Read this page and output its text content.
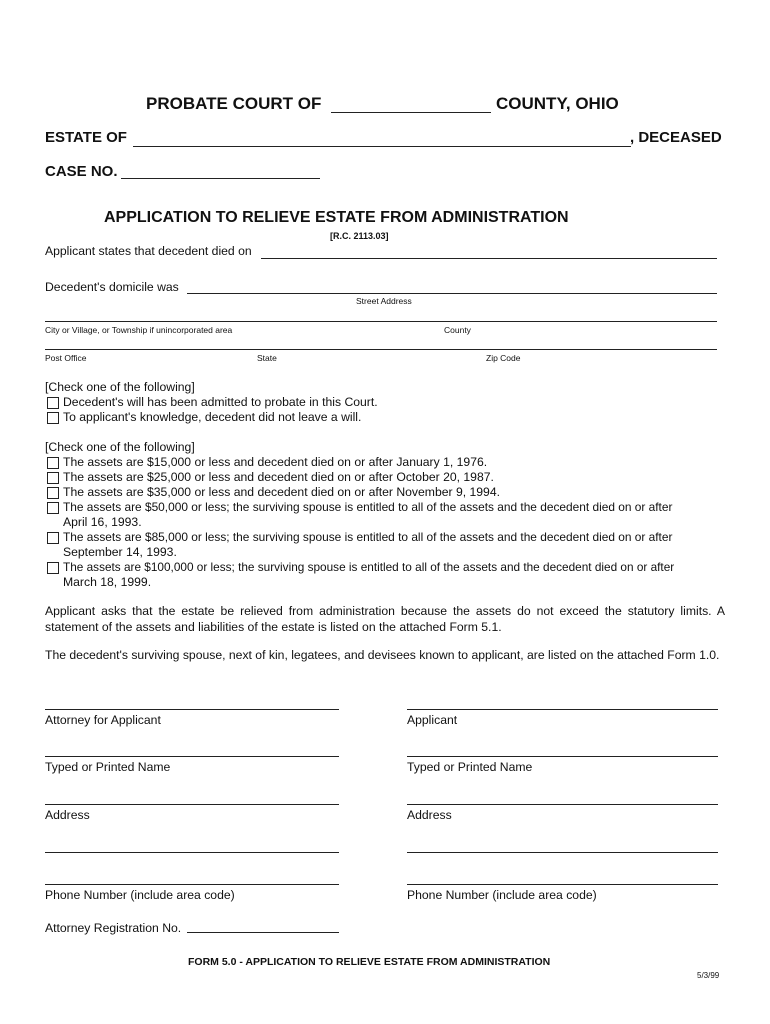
PROBATE COURT OF	COUNTY, OHIO
ESTATE OF	, DECEASED
CASE NO.
APPLICATION TO RELIEVE ESTATE FROM ADMINISTRATION
[R.C. 2113.03]
Applicant states that decedent died on
Decedent's domicile was
Street Address
City or Village, or Township if unincorporated area	County
Post Office	State	Zip Code
[Check one of the following]
Decedent's will has been admitted to probate in this Court.
To applicant's knowledge, decedent did not leave a will.
[Check one of the following]
The assets are $15,000 or less and decedent died on or after January 1, 1976.
The assets are $25,000 or less and decedent died on or after October 20, 1987.
The assets are $35,000 or less and decedent died on or after November 9, 1994.
The assets are $50,000 or less; the surviving spouse is entitled to all of the assets and the decedent died on or after
April 16, 1993.
The assets are $85,000 or less; the surviving spouse is entitled to all of the assets and the decedent died on or after
September 14, 1993.
The assets are $100,000 or less; the surviving spouse is entitled to all of the assets and the decedent died on or after
March 18, 1999.
Applicant asks that the estate be relieved from administration because the assets do not exceed the statutory limits. A statement of the assets and liabilities of the estate is listed on the attached Form 5.1.
The decedent's surviving spouse, next of kin, legatees, and devisees known to applicant, are listed on the attached Form 1.0.
Attorney for Applicant	Applicant
Typed or Printed Name	Typed or Printed Name
Address	Address
Phone Number (include area code)	Phone Number (include area code)
Attorney Registration No.
FORM 5.0 - APPLICATION TO RELIEVE ESTATE FROM ADMINISTRATION
5/3/99
